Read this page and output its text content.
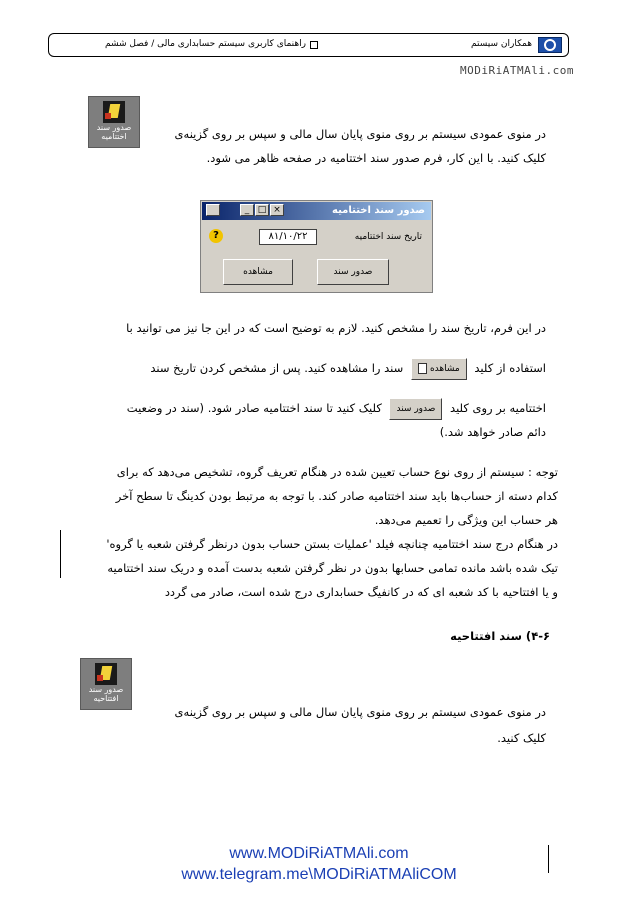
همکاران سیستم
راهنمای کاربری سیستم حسابداری مالی / فصل ششم
MODiRiATMAli.com
صدور سند
اختتامیه	در منوی عمودی سیستم بر روی منوی پایان سال مالی و سپس بر روی گزینه‌ی

کلیک کنید. با این کار، فرم صدور سند اختتامیه در صفحه ظاهر می شود.

_ □ ×	صدور سند اختتامیه
?	۸۱/۱۰/۲۲	تاریخ سند اختتامیه
مشاهده	صدور سند

در این فرم، تاریخ سند را مشخص کنید. لازم به توضیح است که در این جا نیز می توانید با

استفاده از کلید مشاهده سند را مشاهده کنید. پس از مشخص کردن تاریخ سند

اختتامیه بر روی کلید صدور سند کلیک کنید تا سند اختتامیه صادر شود. (سند در وضعیت

دائم صادر خواهد شد.)

توجه : سیستم از روی نوع حساب تعیین شده در هنگام تعریف گروه، تشخیص می‌دهد که برای

کدام دسته از حساب‌ها باید سند اختتامیه صادر کند. با توجه به مرتبط بودن کدینگ تا سطح آخر

هر حساب این ویژگی را تعمیم می‌دهد.

در هنگام درج سند اختتامیه چنانچه فیلد 'عملیات بستن حساب بدون درنظر گرفتن شعبه یا گروه'

تیک شده باشد مانده تمامی حسابها بدون در نظر گرفتن شعبه بدست آمده و دریک سند اختتامیه

و یا افتتاحیه با کد شعبه ای که در کانفیگ حسابداری درج شده است، صادر می گردد

۴-۶) سند افتتاحیه

صدور سند
افتتاحیه

در منوی عمودی سیستم بر روی منوی پایان سال مالی و سپس بر روی گزینه‌ی

کلیک کنید.

www.MODiRiATMAli.com
www.telegram.me\MODiRiATMAliCOM
